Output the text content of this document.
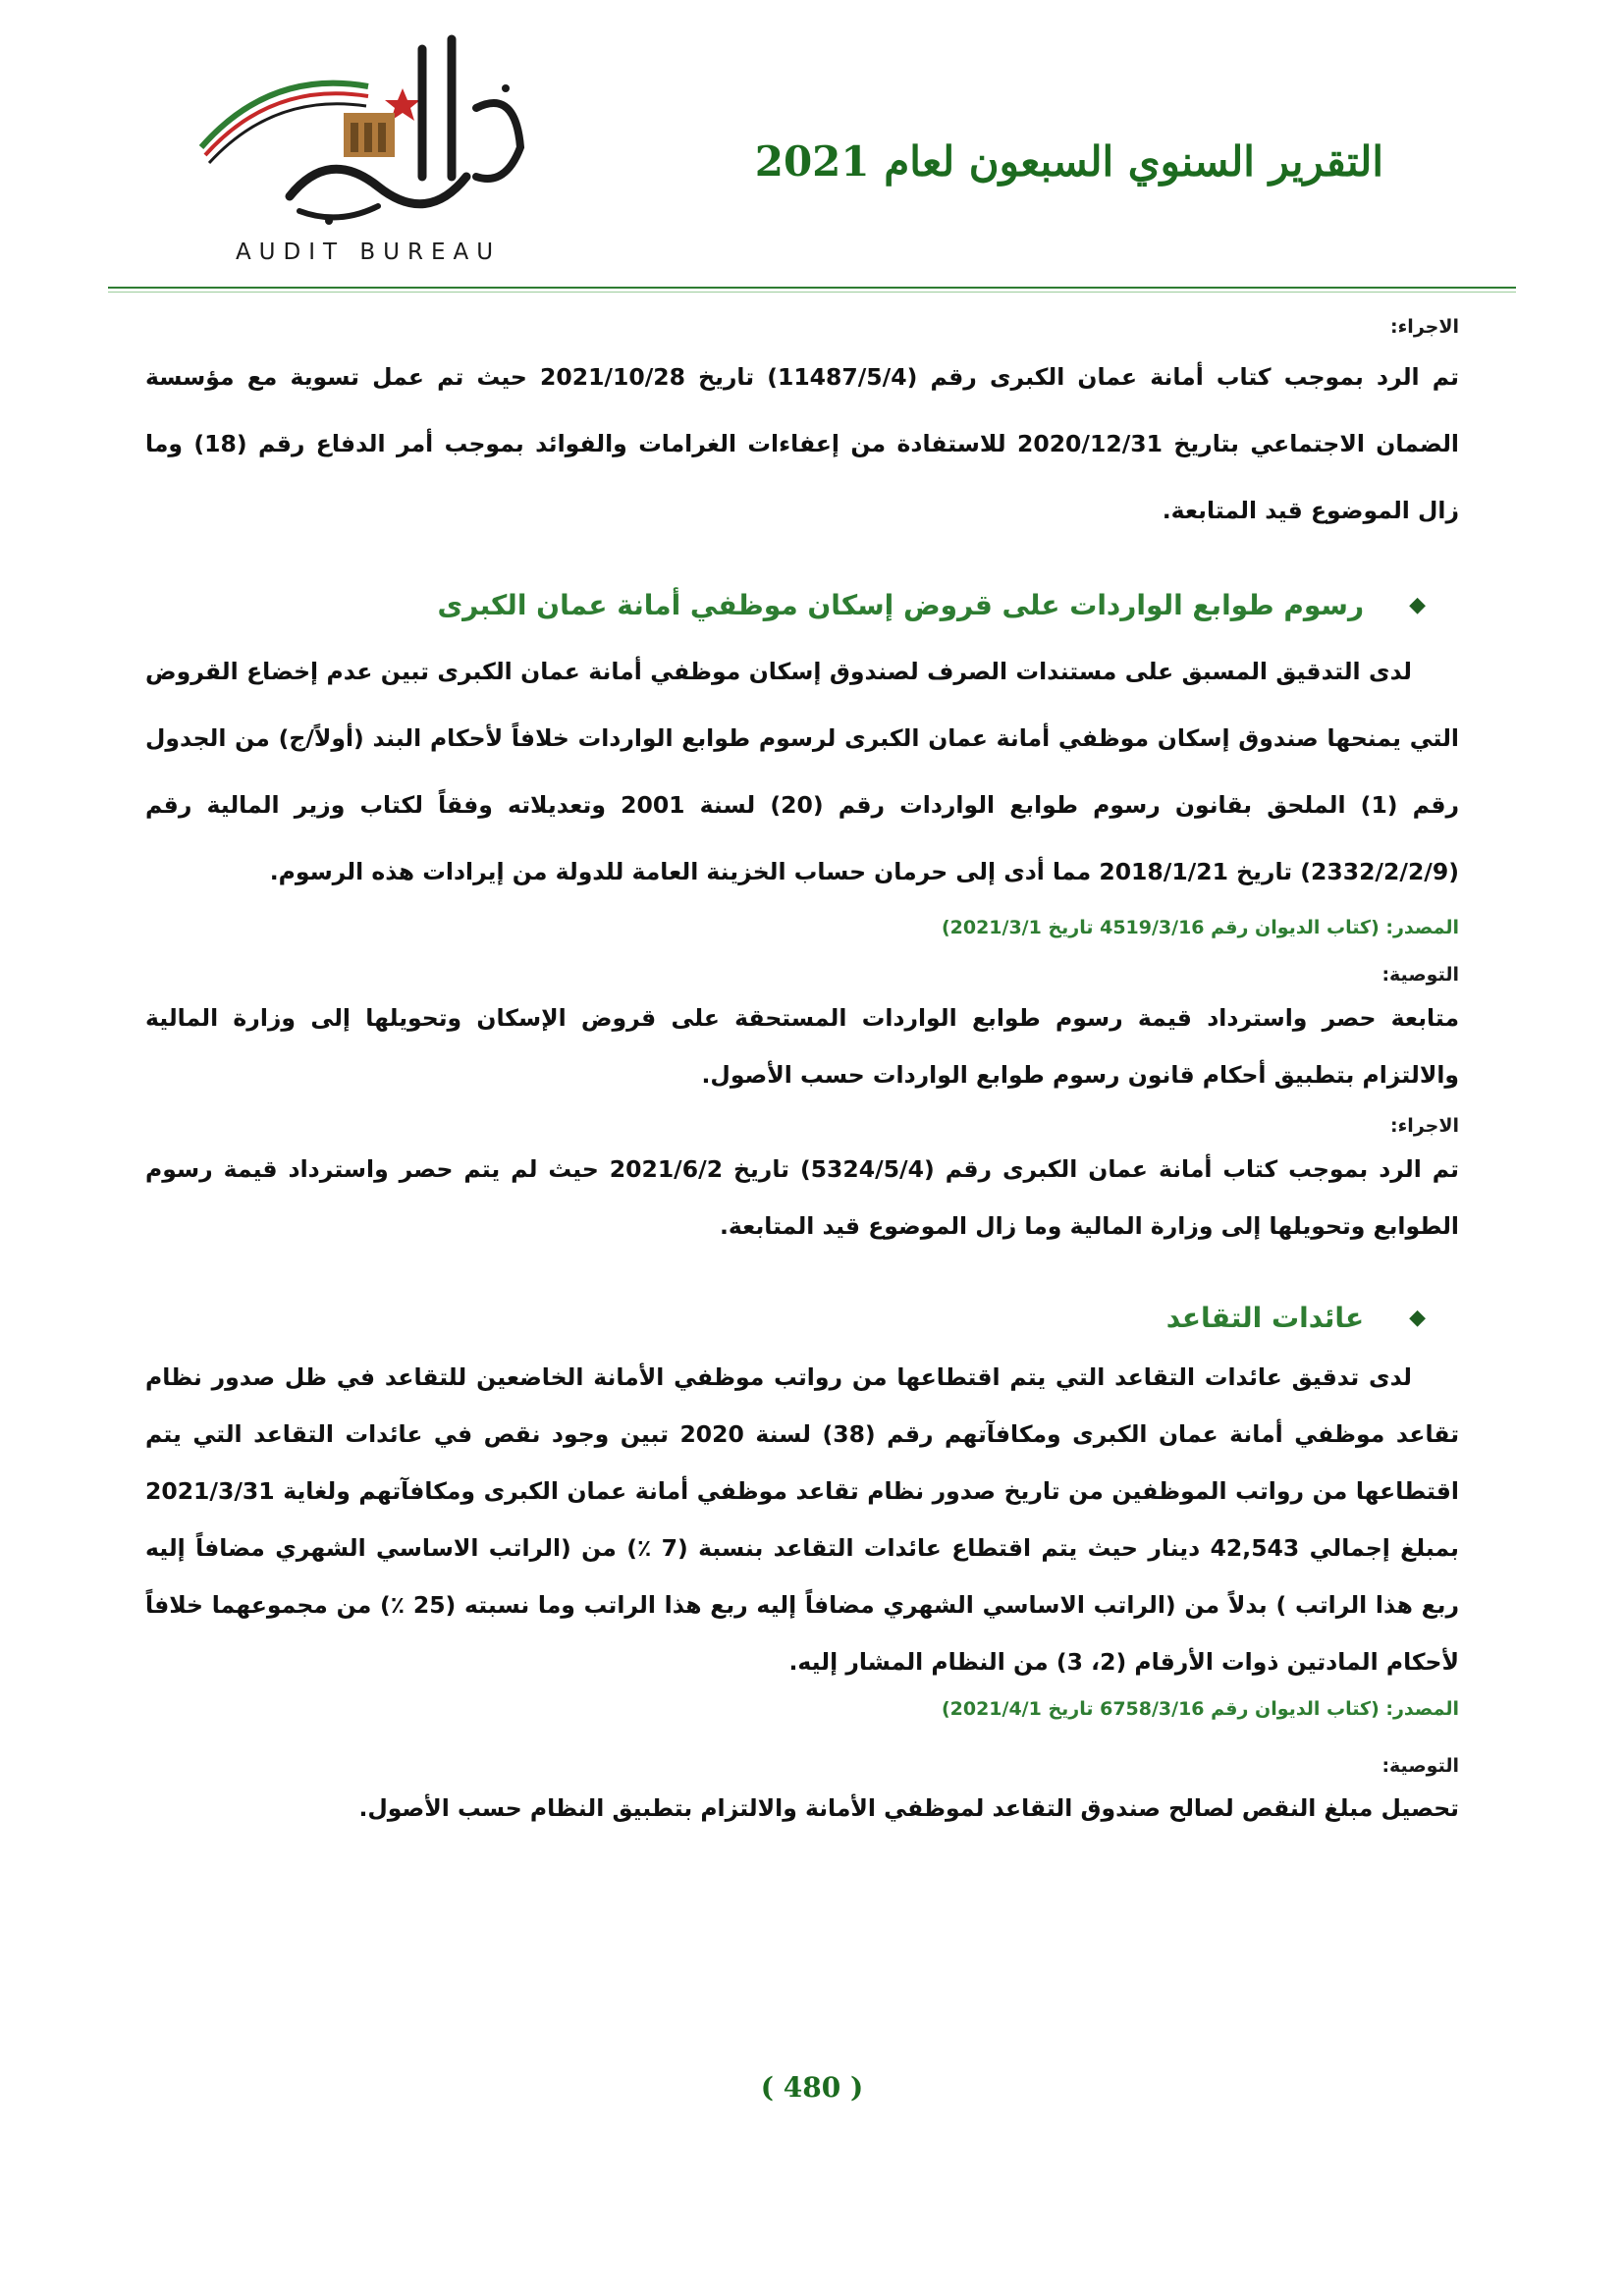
AUDIT BUREAU
التقرير السنوي السبعون لعام 2021

الاجراء:

تم الرد بموجب كتاب أمانة عمان الكبرى رقم (11487/5/4) تاريخ 2021/10/28 حيث تم عمل تسوية مع مؤسسة الضمان الاجتماعي بتاريخ 2020/12/31 للاستفادة من إعفاءات الغرامات والفوائد بموجب أمر الدفاع رقم (18) وما زال الموضوع قيد المتابعة.

◆
رسوم طوابع الواردات على قروض إسكان موظفي أمانة عمان الكبرى

لدى التدقيق المسبق على مستندات الصرف لصندوق إسكان موظفي أمانة عمان الكبرى تبين عدم إخضاع القروض التي يمنحها صندوق إسكان موظفي أمانة عمان الكبرى لرسوم طوابع الواردات خلافاً لأحكام البند (أولاً/ج) من الجدول رقم (1) الملحق بقانون رسوم طوابع الواردات رقم (20) لسنة 2001 وتعديلاته وفقاً لكتاب وزير المالية رقم (2332/2/2/9) تاريخ 2018/1/21 مما أدى إلى حرمان حساب الخزينة العامة للدولة من إيرادات هذه الرسوم.

المصدر: (كتاب الديوان رقم 4519/3/16 تاريخ 2021/3/1)

التوصية:

متابعة حصر واسترداد قيمة رسوم طوابع الواردات المستحقة على قروض الإسكان وتحويلها إلى وزارة المالية والالتزام بتطبيق أحكام قانون رسوم طوابع الواردات حسب الأصول.

الاجراء:

تم الرد بموجب كتاب أمانة عمان الكبرى رقم (5324/5/4) تاريخ 2021/6/2 حيث لم يتم حصر واسترداد قيمة رسوم الطوابع وتحويلها إلى وزارة المالية وما زال الموضوع قيد المتابعة.

◆
عائدات التقاعد

لدى تدقيق عائدات التقاعد التي يتم اقتطاعها من رواتب موظفي الأمانة الخاضعين للتقاعد في ظل صدور نظام تقاعد موظفي أمانة عمان الكبرى ومكافآتهم رقم (38) لسنة 2020 تبين وجود نقص في عائدات التقاعد التي يتم اقتطاعها من رواتب الموظفين من تاريخ صدور نظام تقاعد موظفي أمانة عمان الكبرى ومكافآتهم ولغاية 2021/3/31 بمبلغ إجمالي 42,543 دينار حيث يتم اقتطاع عائدات التقاعد بنسبة (7 ٪) من (الراتب الاساسي الشهري مضافاً إليه ربع هذا الراتب ) بدلاً من (الراتب الاساسي الشهري مضافاً إليه ربع هذا الراتب وما نسبته (25 ٪) من مجموعهما خلافاً لأحكام المادتين ذوات الأرقام (2، 3) من النظام المشار إليه.

المصدر: (كتاب الديوان رقم 6758/3/16 تاريخ 2021/4/1)

التوصية:

تحصيل مبلغ النقص لصالح صندوق التقاعد لموظفي الأمانة والالتزام بتطبيق النظام حسب الأصول.

( 480 )
